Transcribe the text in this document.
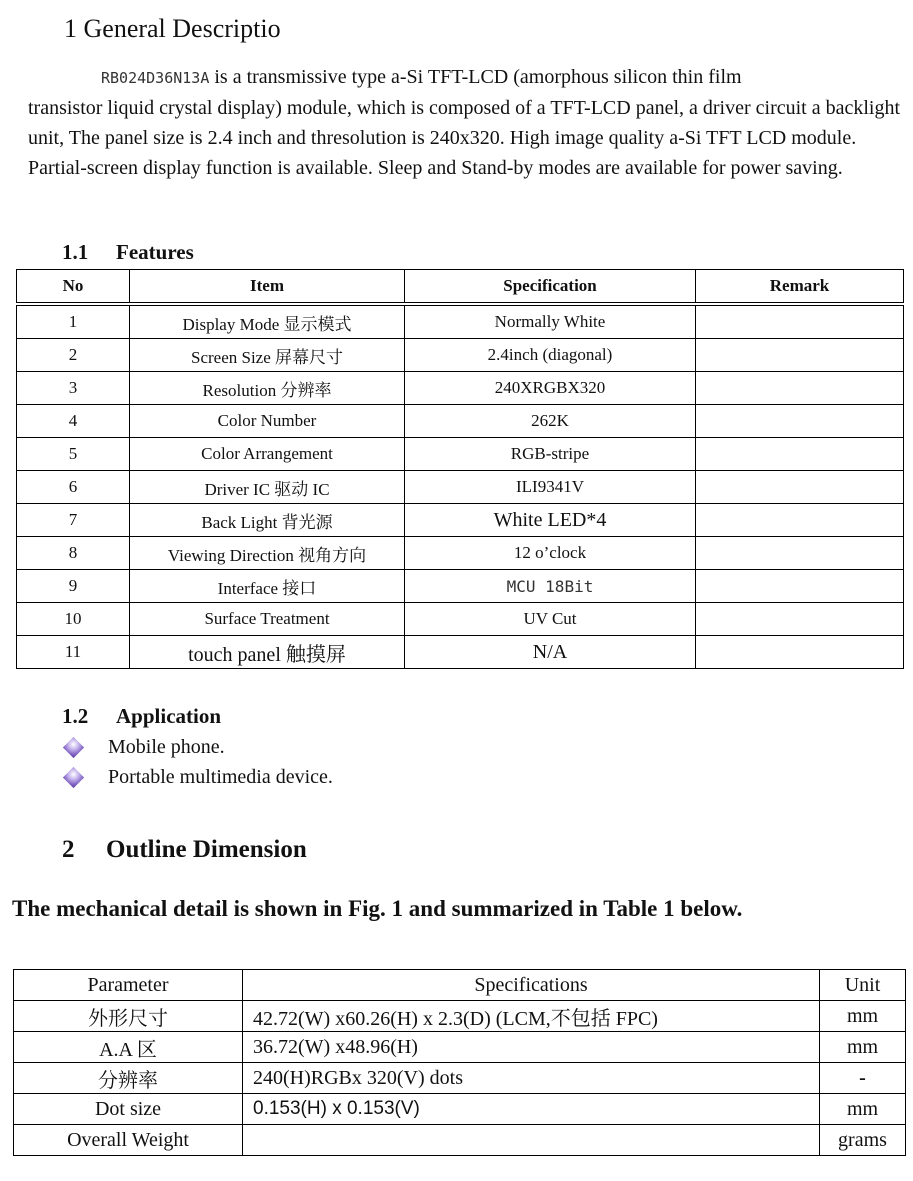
1 General Descriptio
RB024D36N13A is a transmissive type a-Si TFT-LCD (amorphous silicon thin film
transistor liquid crystal display) module, which is composed of a TFT-LCD panel, a driver circuit a backlight unit, The panel size is 2.4 inch and thresolution is 240x320. High image quality a-Si TFT LCD module. Partial-screen display function is available. Sleep and Stand-by modes are available for power saving.
1.1 Features
No	Item	Specification	Remark

1	Display Mode 显示模式	Normally White	
2	Screen Size 屏幕尺寸	2.4inch (diagonal)	
3	Resolution 分辨率	240XRGBX320	
4	Color Number	262K	
5	Color Arrangement	RGB-stripe	
6	Driver IC 驱动 IC	ILI9341V	
7	Back Light 背光源	White LED*4	
8	Viewing Direction 视角方向	12 o’clock	
9	Interface 接口	MCU 18Bit	
10	Surface Treatment	UV Cut	
11	touch panel 触摸屏	N/A	
1.2 Application
Mobile phone.
Portable multimedia device.
2 Outline Dimension
The mechanical detail is shown in Fig. 1 and summarized in Table 1 below.
Parameter	Specifications	Unit
外形尺寸	42.72(W) x60.26(H) x 2.3(D) (LCM,不包括 FPC)	mm
A.A 区	36.72(W) x48.96(H)	mm
分辨率	240(H)RGBx 320(V) dots	-
Dot size	0.153(H) x 0.153(V)	mm
Overall Weight		grams
